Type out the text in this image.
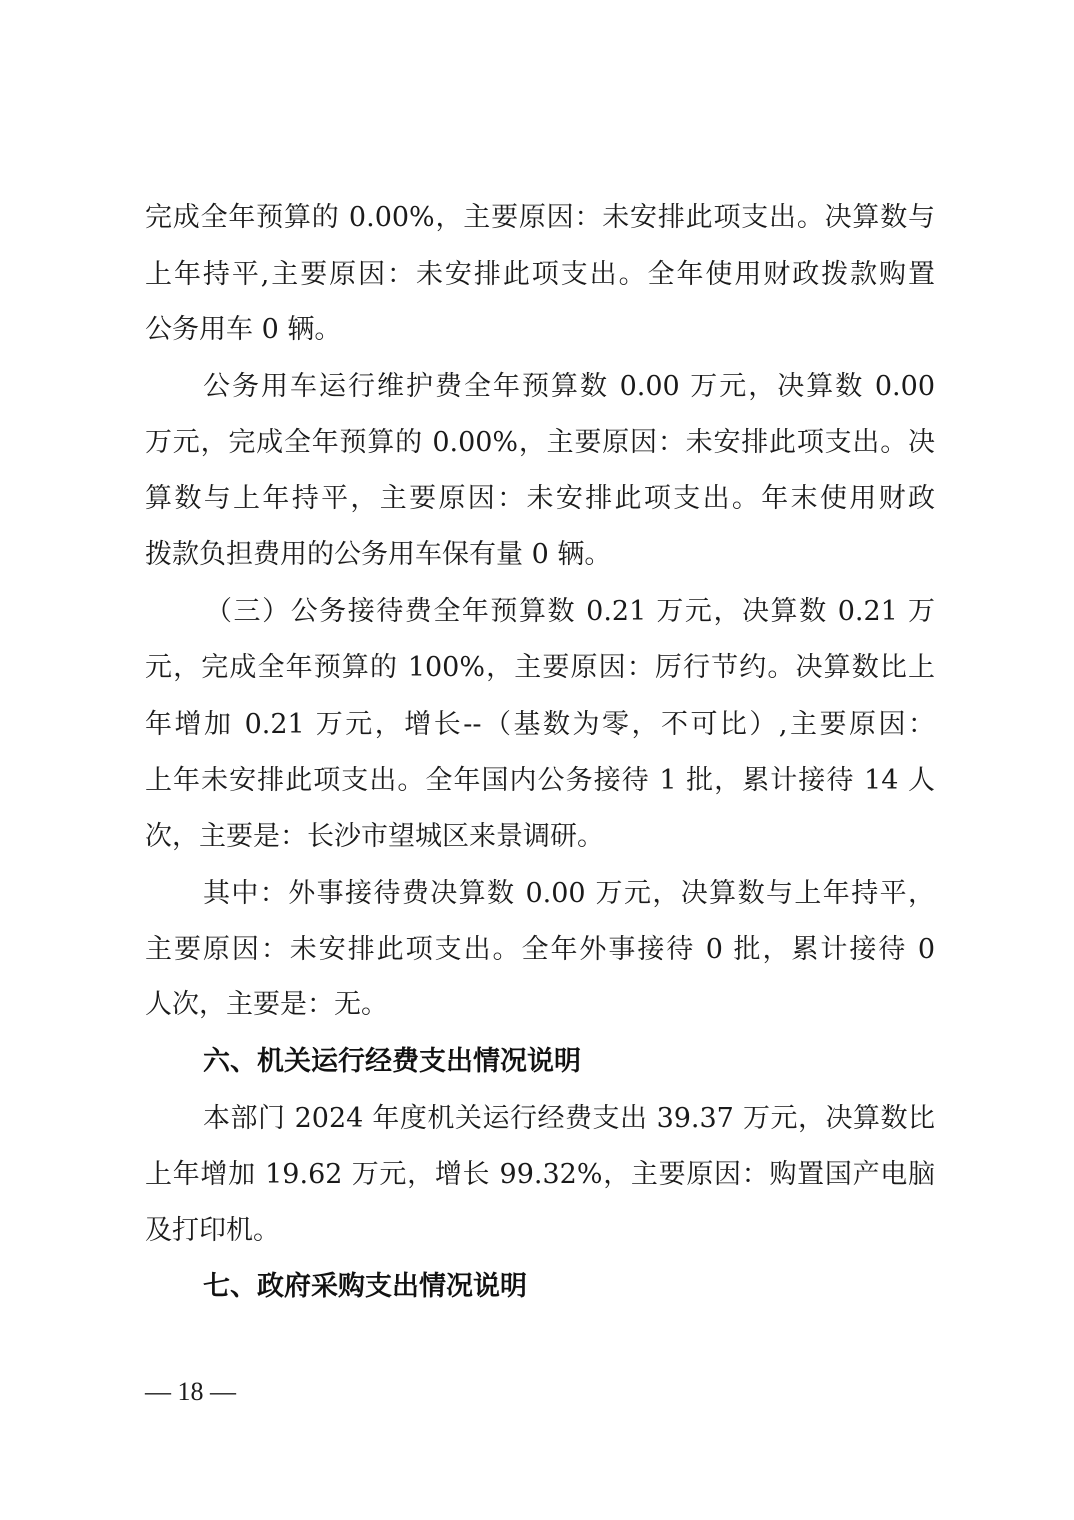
完成全年预算的 0.00%，主要原因：未安排此项支出。决算数与
上年持平,主要原因：未安排此项支出。全年使用财政拨款购置
公务用车 0 辆。
公务用车运行维护费全年预算数 0.00 万元，决算数 0.00
万元，完成全年预算的 0.00%，主要原因：未安排此项支出。决
算数与上年持平，主要原因：未安排此项支出。年末使用财政
拨款负担费用的公务用车保有量 0 辆。
（三）公务接待费全年预算数 0.21 万元，决算数 0.21 万
元，完成全年预算的 100%，主要原因：厉行节约。决算数比上
年增加 0.21 万元，增长--（基数为零，不可比）,主要原因：
上年未安排此项支出。全年国内公务接待 1 批，累计接待 14 人
次，主要是：长沙市望城区来景调研。
其中：外事接待费决算数 0.00 万元，决算数与上年持平，
主要原因：未安排此项支出。全年外事接待 0 批，累计接待 0
人次，主要是：无。
六、机关运行经费支出情况说明
本部门 2024 年度机关运行经费支出 39.37 万元，决算数比
上年增加 19.62 万元，增长 99.32%，主要原因：购置国产电脑
及打印机。
七、政府采购支出情况说明
— 18 —
